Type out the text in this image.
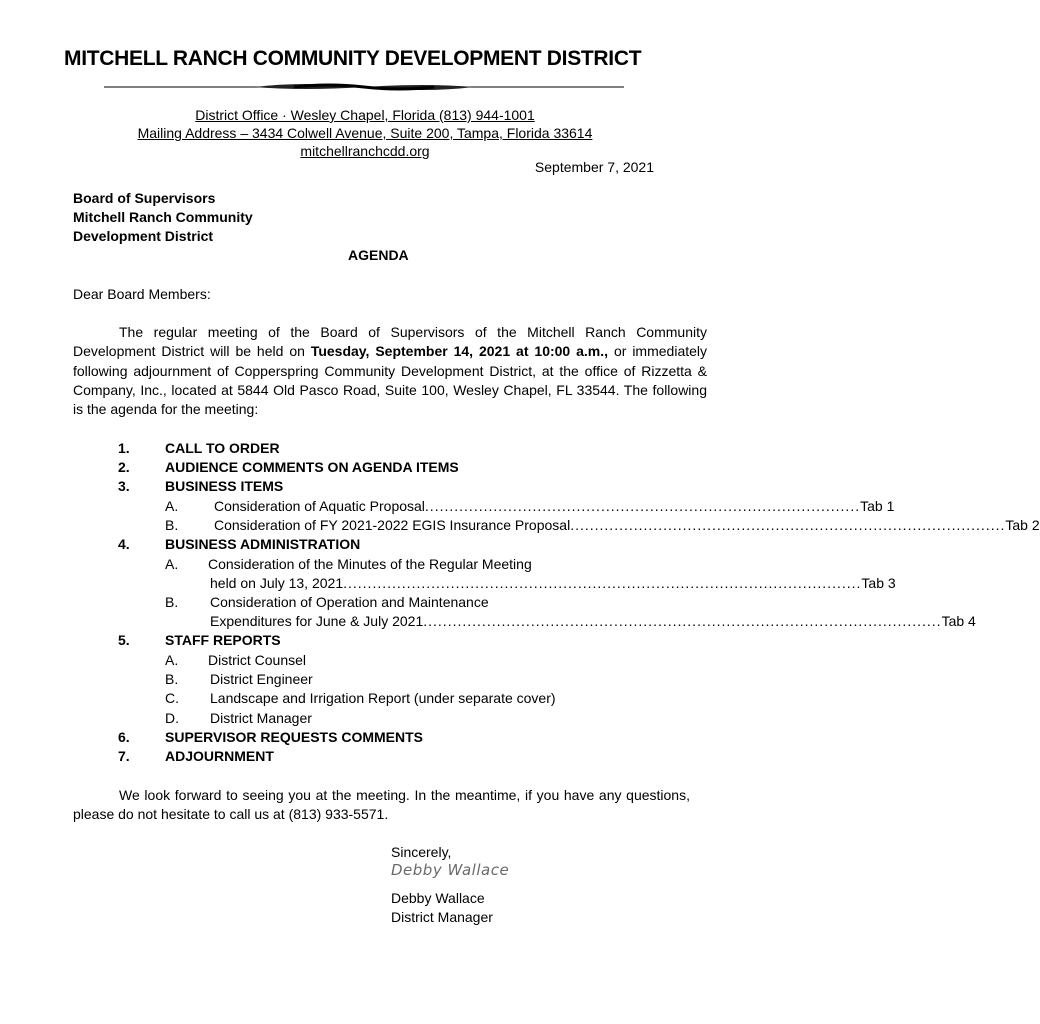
MITCHELL RANCH COMMUNITY DEVELOPMENT DISTRICT
District Office · Wesley Chapel, Florida (813) 944-1001
Mailing Address – 3434 Colwell Avenue, Suite 200, Tampa, Florida 33614
mitchellranchcdd.org
September 7, 2021
Board of Supervisors
Mitchell Ranch Community
Development District
AGENDA
Dear Board Members:
The regular meeting of the Board of Supervisors of the Mitchell Ranch Community Development District will be held on Tuesday, September 14, 2021 at 10:00 a.m., or immediately following adjournment of Copperspring Community Development District, at the office of Rizzetta & Company, Inc., located at 5844 Old Pasco Road, Suite 100, Wesley Chapel, FL 33544. The following is the agenda for the meeting:
1.	CALL TO ORDER
2.	AUDIENCE COMMENTS ON AGENDA ITEMS
3.	BUSINESS ITEMS
A.	Consideration of Aquatic Proposal ......................................................................................... Tab 1
B.	Consideration of FY 2021-2022 EGIS Insurance Proposal ......................................................................................... Tab 2
4.	BUSINESS ADMINISTRATION
A. Consideration of the Minutes of the Regular Meeting
held on July 13, 2021 .......................................................................................................... Tab 3
B. Consideration of Operation and Maintenance
Expenditures for June & July 2021 .......................................................................................................... Tab 4
5.	STAFF REPORTS
A. District Counsel
B. District Engineer
C. Landscape and Irrigation Report (under separate cover)
D. District Manager
6.	SUPERVISOR REQUESTS COMMENTS
7.	ADJOURNMENT
We look forward to seeing you at the meeting. In the meantime, if you have any questions, please do not hesitate to call us at (813) 933-5571.
Sincerely,
Debby Wallace
Debby Wallace
District Manager
